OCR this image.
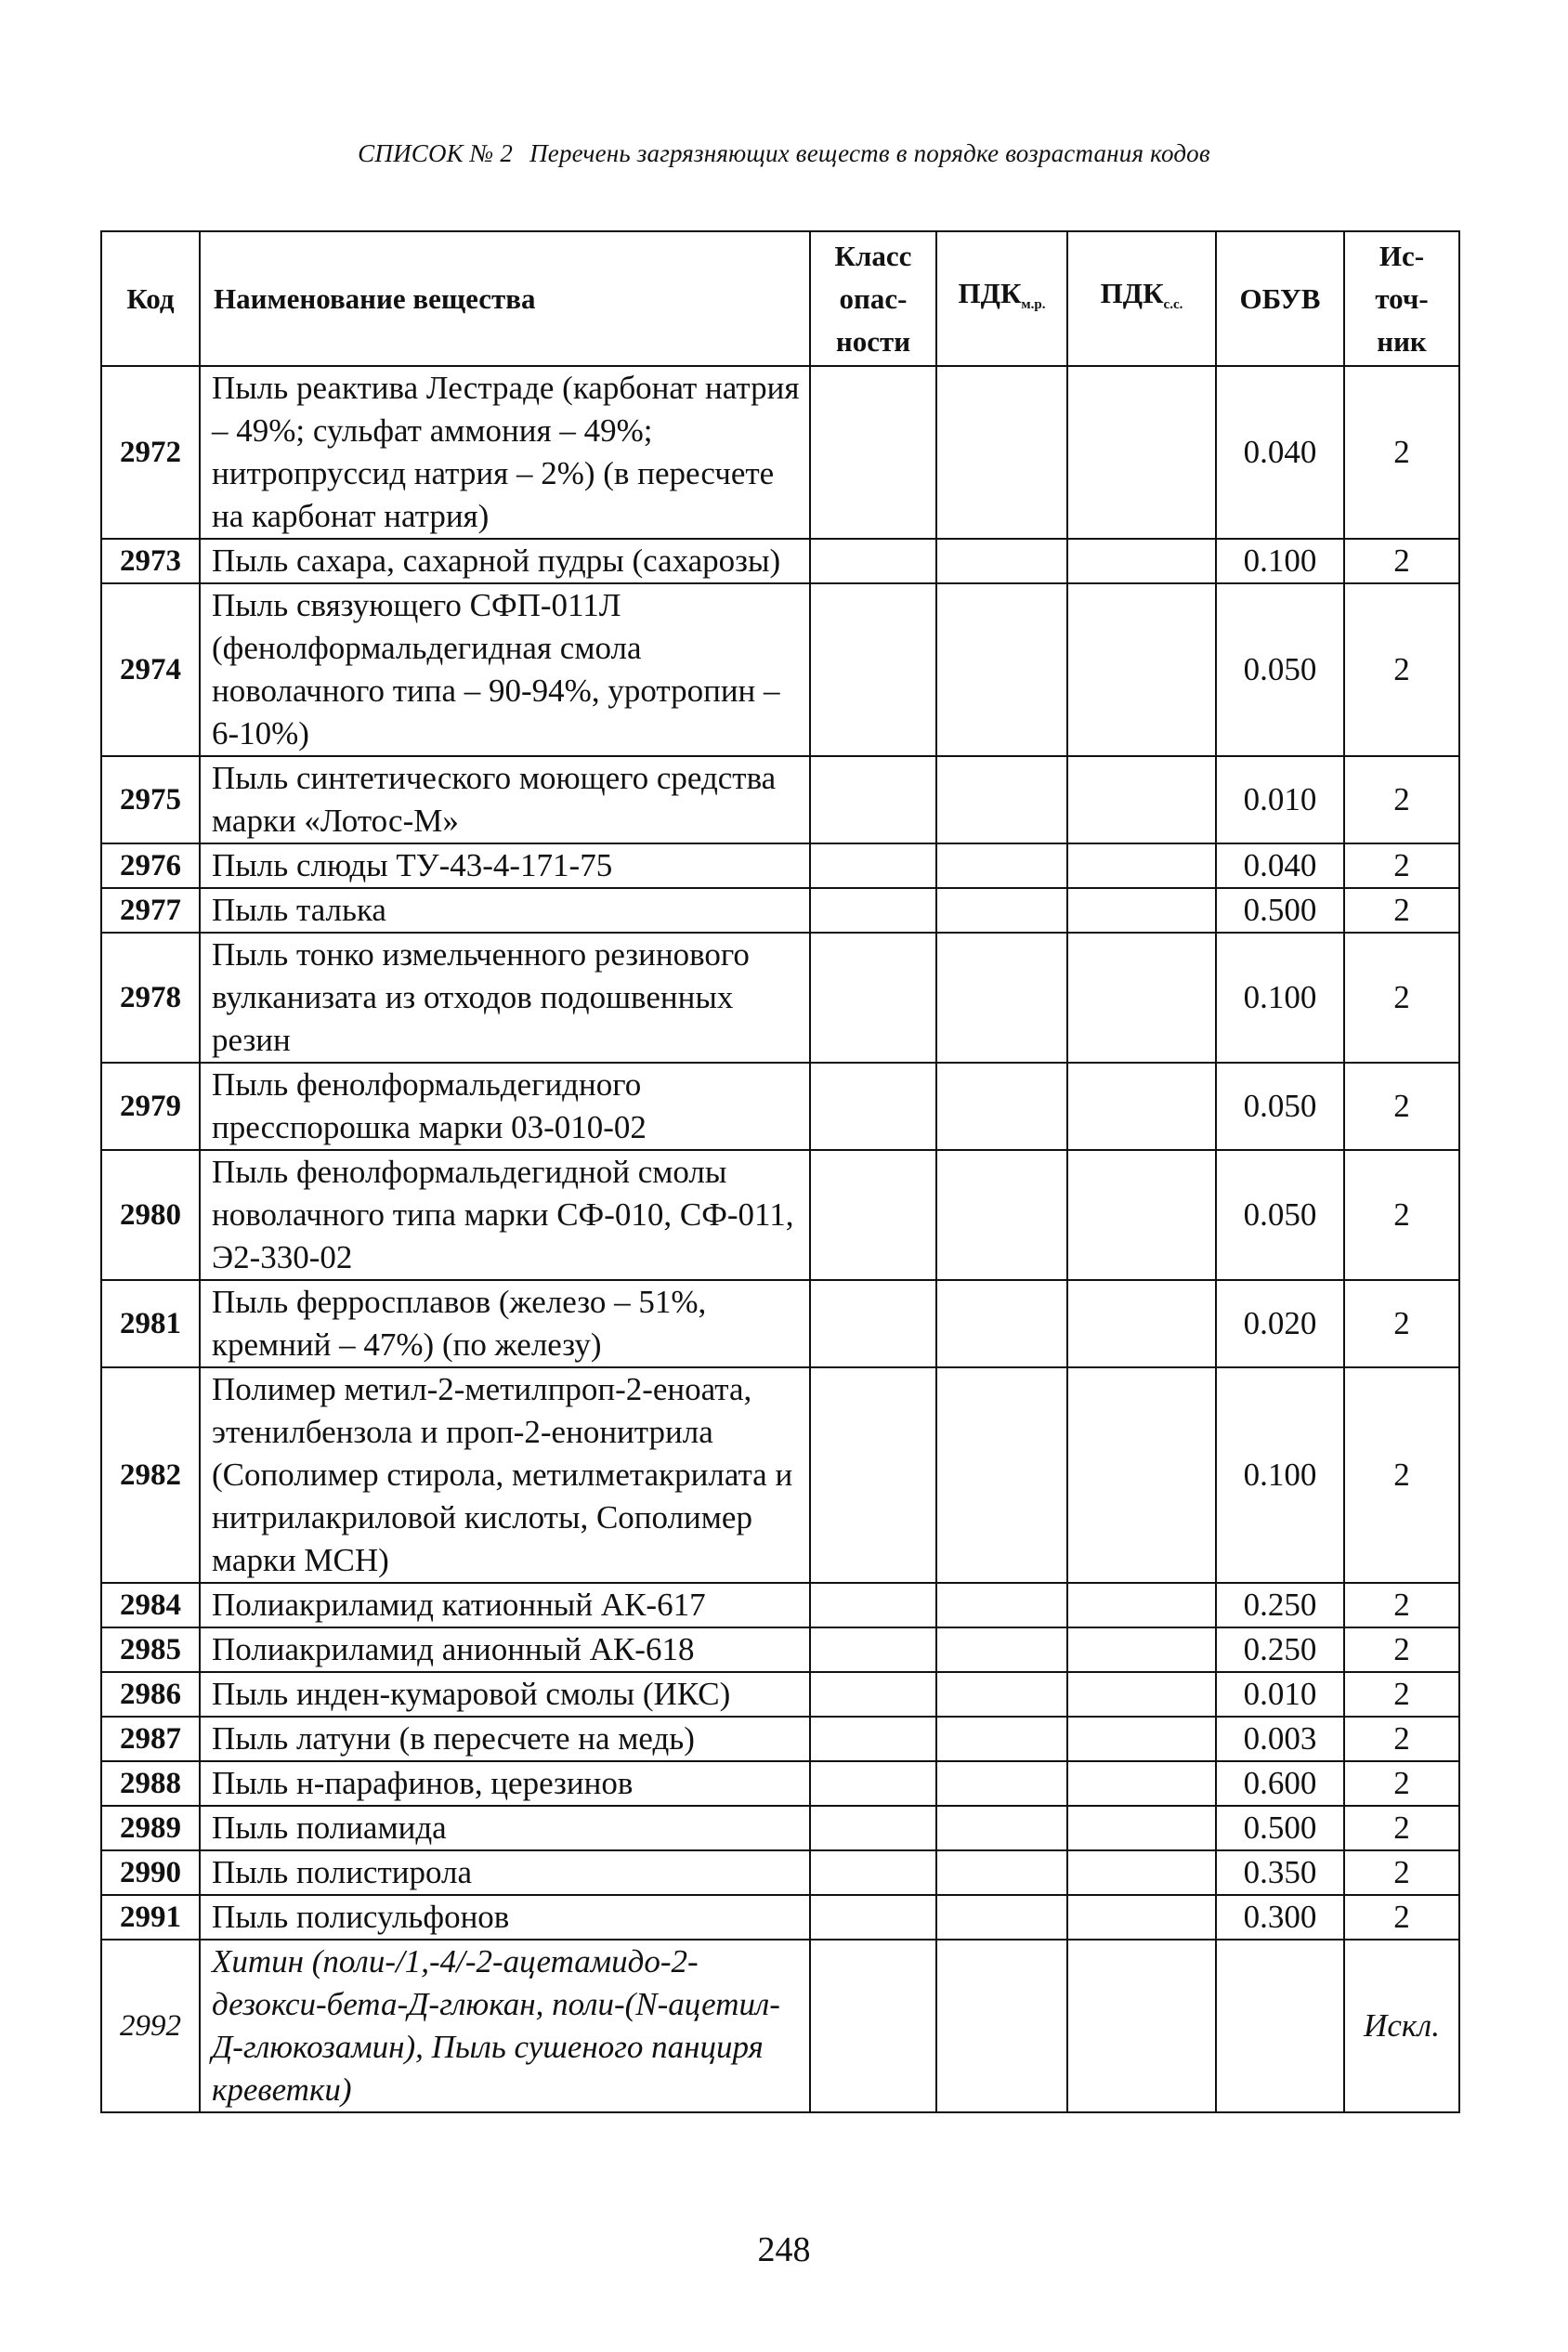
СПИСОК № 2 Перечень загрязняющих веществ в порядке возрастания кодов
Код	Наименование вещества	Класс
опас-
ности	$ПДК_{м.р.}$	$ПДК_{с.с.}$	ОБУВ	Ис-
точ-
ник
2972	Пыль реактива Лестраде (карбонат натрия – 49%; сульфат аммония – 49%; нитропруссид натрия – 2%) (в пересчете на карбонат натрия)				0.040	2
2973	Пыль сахара, сахарной пудры (сахарозы)				0.100	2
2974	Пыль связующего СФП-011Л (фенолформальдегидная смола новолачного типа – 90-94%, уротропин – 6-10%)				0.050	2
2975	Пыль синтетического моющего средства марки «Лотос-М»				0.010	2
2976	Пыль слюды ТУ-43-4-171-75				0.040	2
2977	Пыль талька				0.500	2
2978	Пыль тонко измельченного резинового вулканизата из отходов подошвенных резин				0.100	2
2979	Пыль фенолформальдегидного пресспорошка марки 03-010-02				0.050	2
2980	Пыль фенолформальдегидной смолы новолачного типа марки СФ-010, СФ-011, Э2-330-02				0.050	2
2981	Пыль ферросплавов (железо – 51%, кремний – 47%) (по железу)				0.020	2
2982	Полимер метил-2-метилпроп-2-еноата, этенилбензола и проп-2-енонитрила (Сополимер стирола, метилметакрилата и нитрилакриловой кислоты, Сополимер марки МСН)				0.100	2
2984	Полиакриламид катионный АК-617				0.250	2
2985	Полиакриламид анионный АК-618				0.250	2
2986	Пыль инден-кумаровой смолы (ИКС)				0.010	2
2987	Пыль латуни (в пересчете на медь)				0.003	2
2988	Пыль н-парафинов, церезинов				0.600	2
2989	Пыль полиамида				0.500	2
2990	Пыль полистирола				0.350	2
2991	Пыль полисульфонов				0.300	2
2992	Хитин (поли-/1,-4/-2-ацетамидо-2-дезокси-бета-Д-глюкан, поли-(N-ацетил-Д-глюкозамин), Пыль сушеного панциря креветки)					Искл.
248
